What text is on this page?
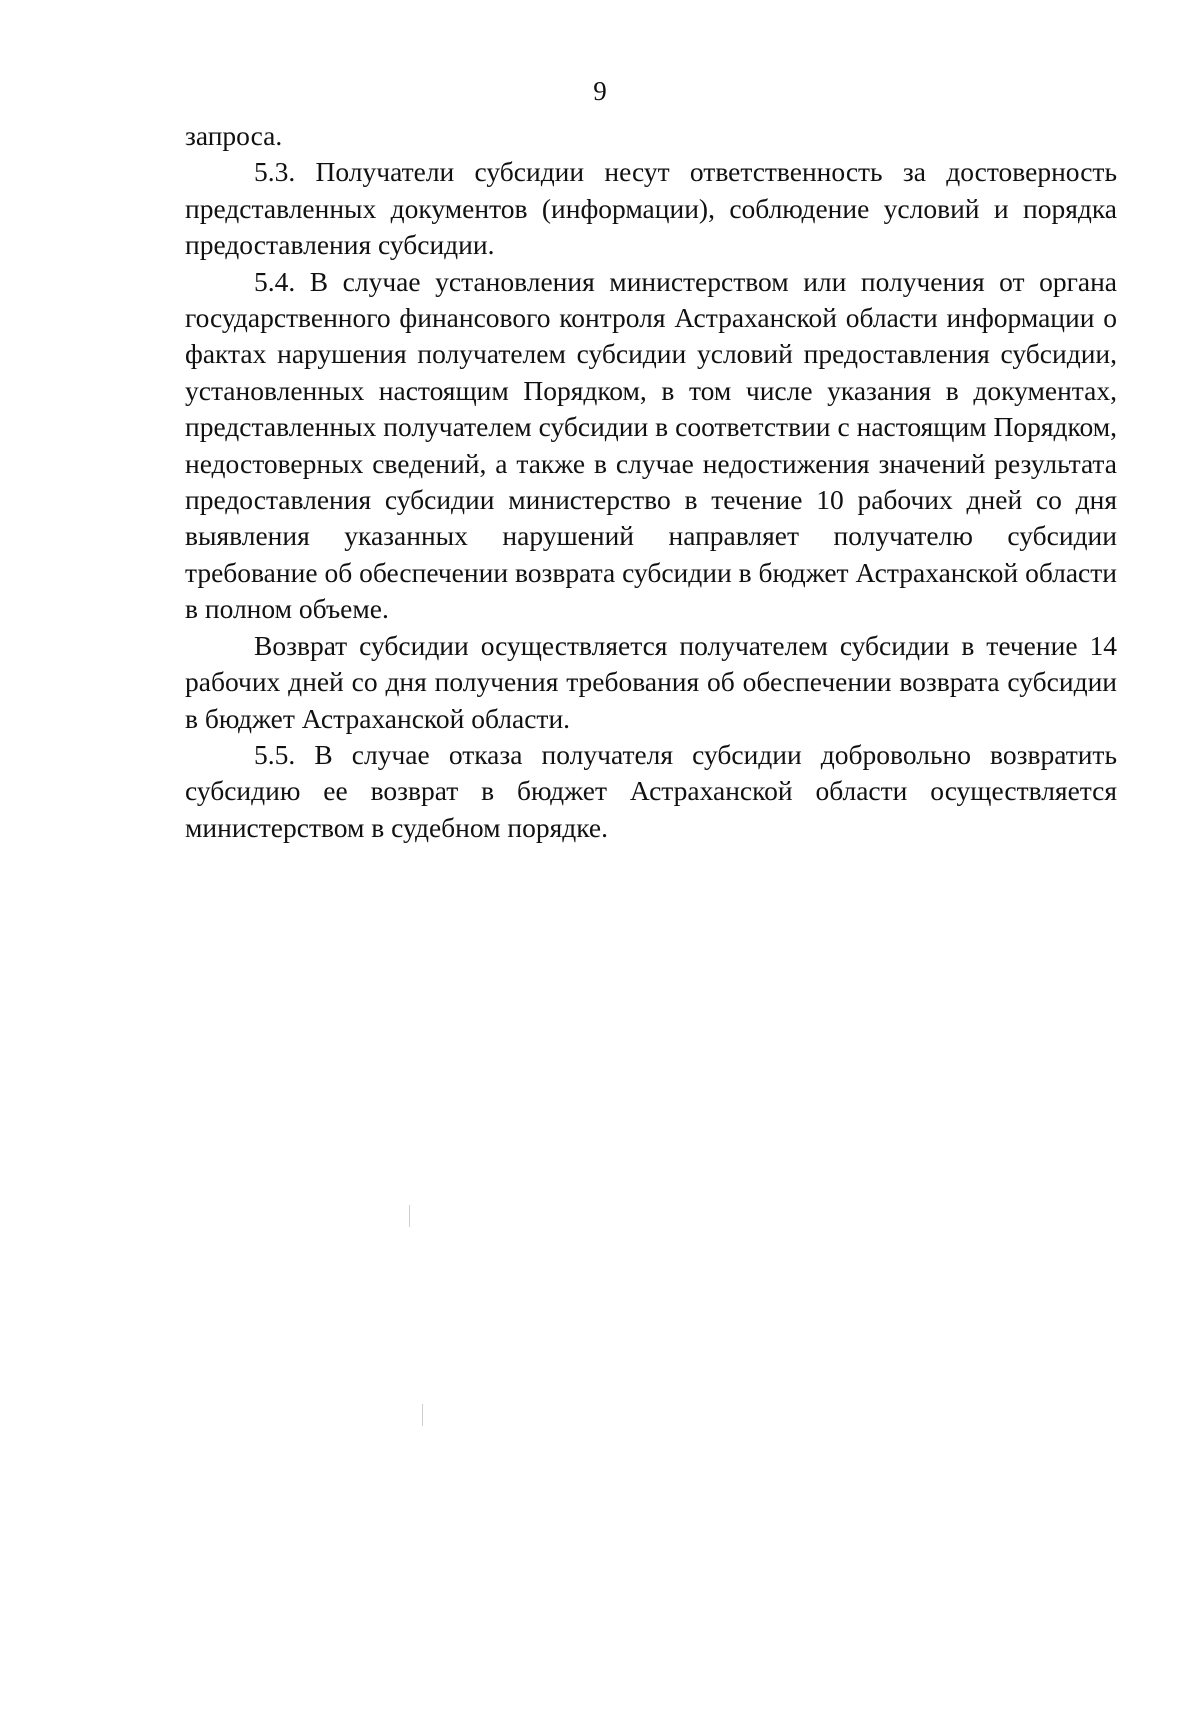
9

запроса.

5.3. Получатели субсидии несут ответственность за достоверность представленных документов (информации), соблюдение условий и порядка предоставления субсидии.

5.4. В случае установления министерством или получения от органа государственного финансового контроля Астраханской области информации о фактах нарушения получателем субсидии условий предоставления субсидии, установленных настоящим Порядком, в том числе указания в документах, представленных получателем субсидии в соответствии с настоящим Порядком, недостоверных сведений, а также в случае недостижения значений результата предоставления субсидии министерство в течение 10 рабочих дней со дня выявления указанных нарушений направляет получателю субсидии требование об обеспечении возврата субсидии в бюджет Астраханской области в полном объеме.

Возврат субсидии осуществляется получателем субсидии в течение 14 рабочих дней со дня получения требования об обеспечении возврата субсидии в бюджет Астраханской области.

5.5. В случае отказа получателя субсидии добровольно возвратить субсидию ее возврат в бюджет Астраханской области осуществляется министерством в судебном порядке.
